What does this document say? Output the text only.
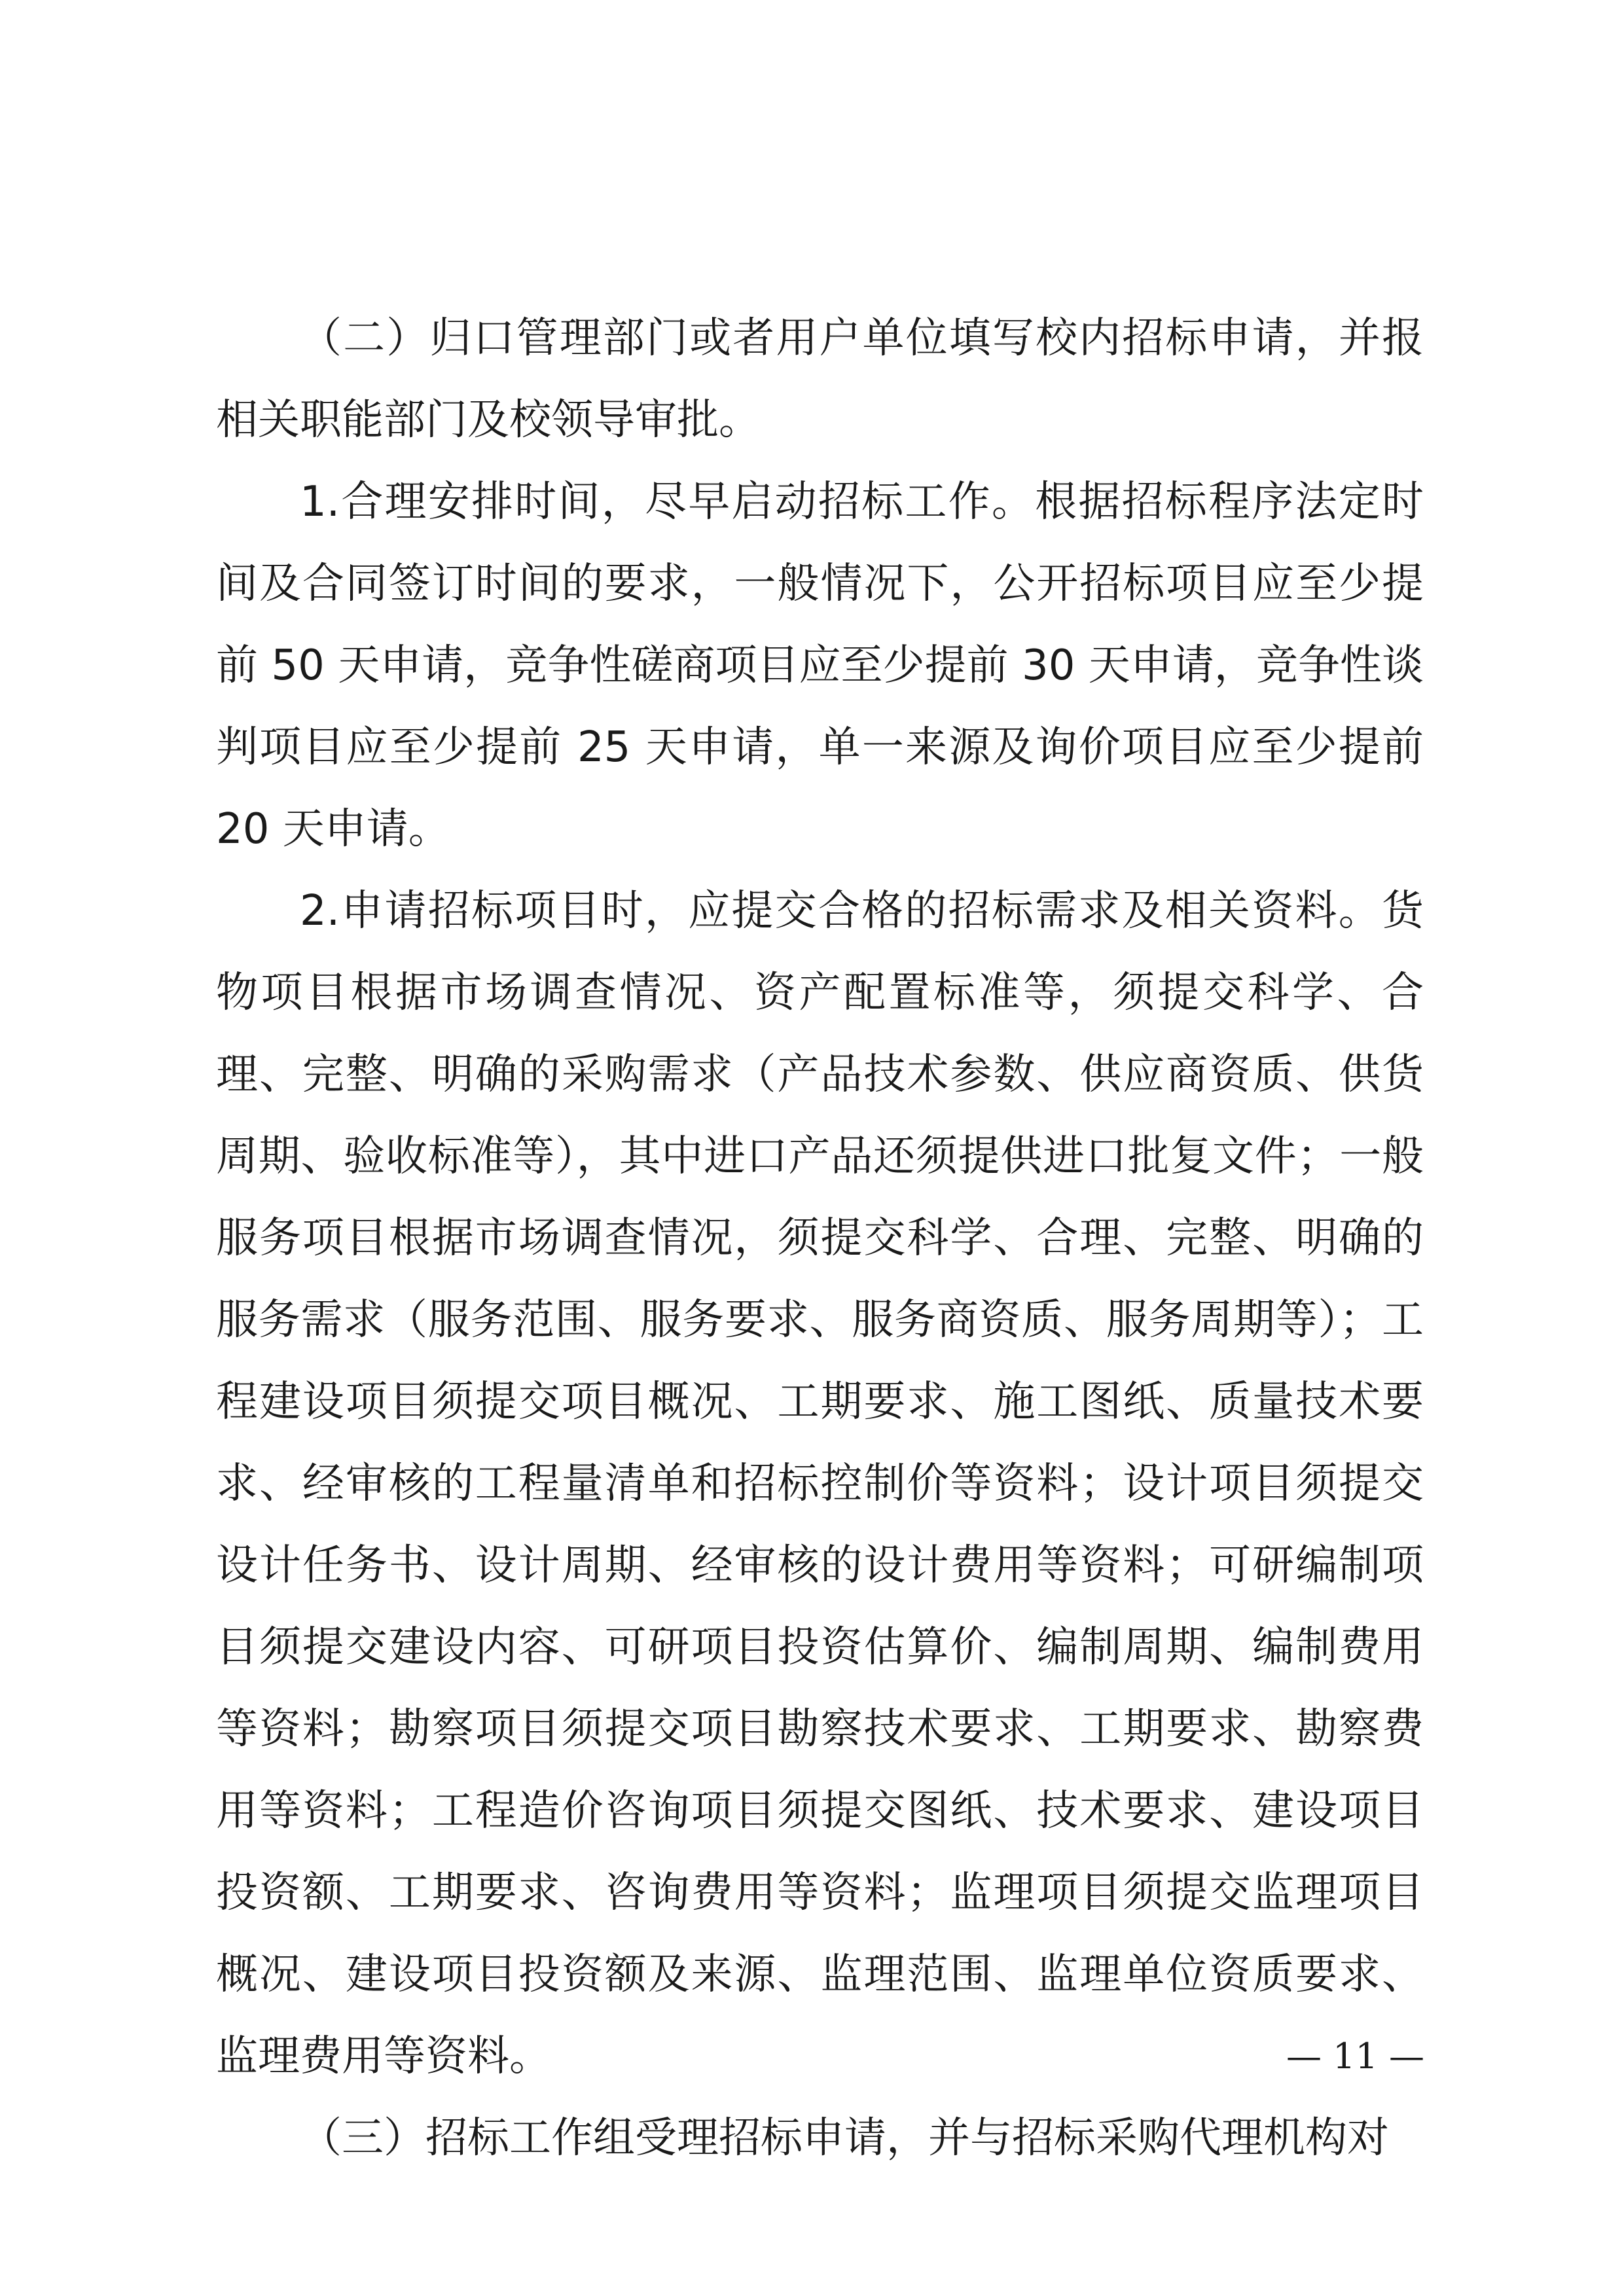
（二）归口管理部门或者用户单位填写校内招标申请，并报相关职能部门及校领导审批。

1.合理安排时间，尽早启动招标工作。根据招标程序法定时间及合同签订时间的要求，一般情况下，公开招标项目应至少提前 50 天申请，竞争性磋商项目应至少提前 30 天申请，竞争性谈判项目应至少提前 25 天申请，单一来源及询价项目应至少提前 20 天申请。

2.申请招标项目时，应提交合格的招标需求及相关资料。货物项目根据市场调查情况、资产配置标准等，须提交科学、合理、完整、明确的采购需求（产品技术参数、供应商资质、供货周期、验收标准等），其中进口产品还须提供进口批复文件；一般服务项目根据市场调查情况，须提交科学、合理、完整、明确的服务需求（服务范围、服务要求、服务商资质、服务周期等）；工程建设项目须提交项目概况、工期要求、施工图纸、质量技术要求、经审核的工程量清单和招标控制价等资料；设计项目须提交设计任务书、设计周期、经审核的设计费用等资料；可研编制项目须提交建设内容、可研项目投资估算价、编制周期、编制费用等资料；勘察项目须提交项目勘察技术要求、工期要求、勘察费用等资料；工程造价咨询项目须提交图纸、技术要求、建设项目投资额、工期要求、咨询费用等资料；监理项目须提交监理项目概况、建设项目投资额及来源、监理范围、监理单位资质要求、监理费用等资料。

（三）招标工作组受理招标申请，并与招标采购代理机构对

— 11 —
